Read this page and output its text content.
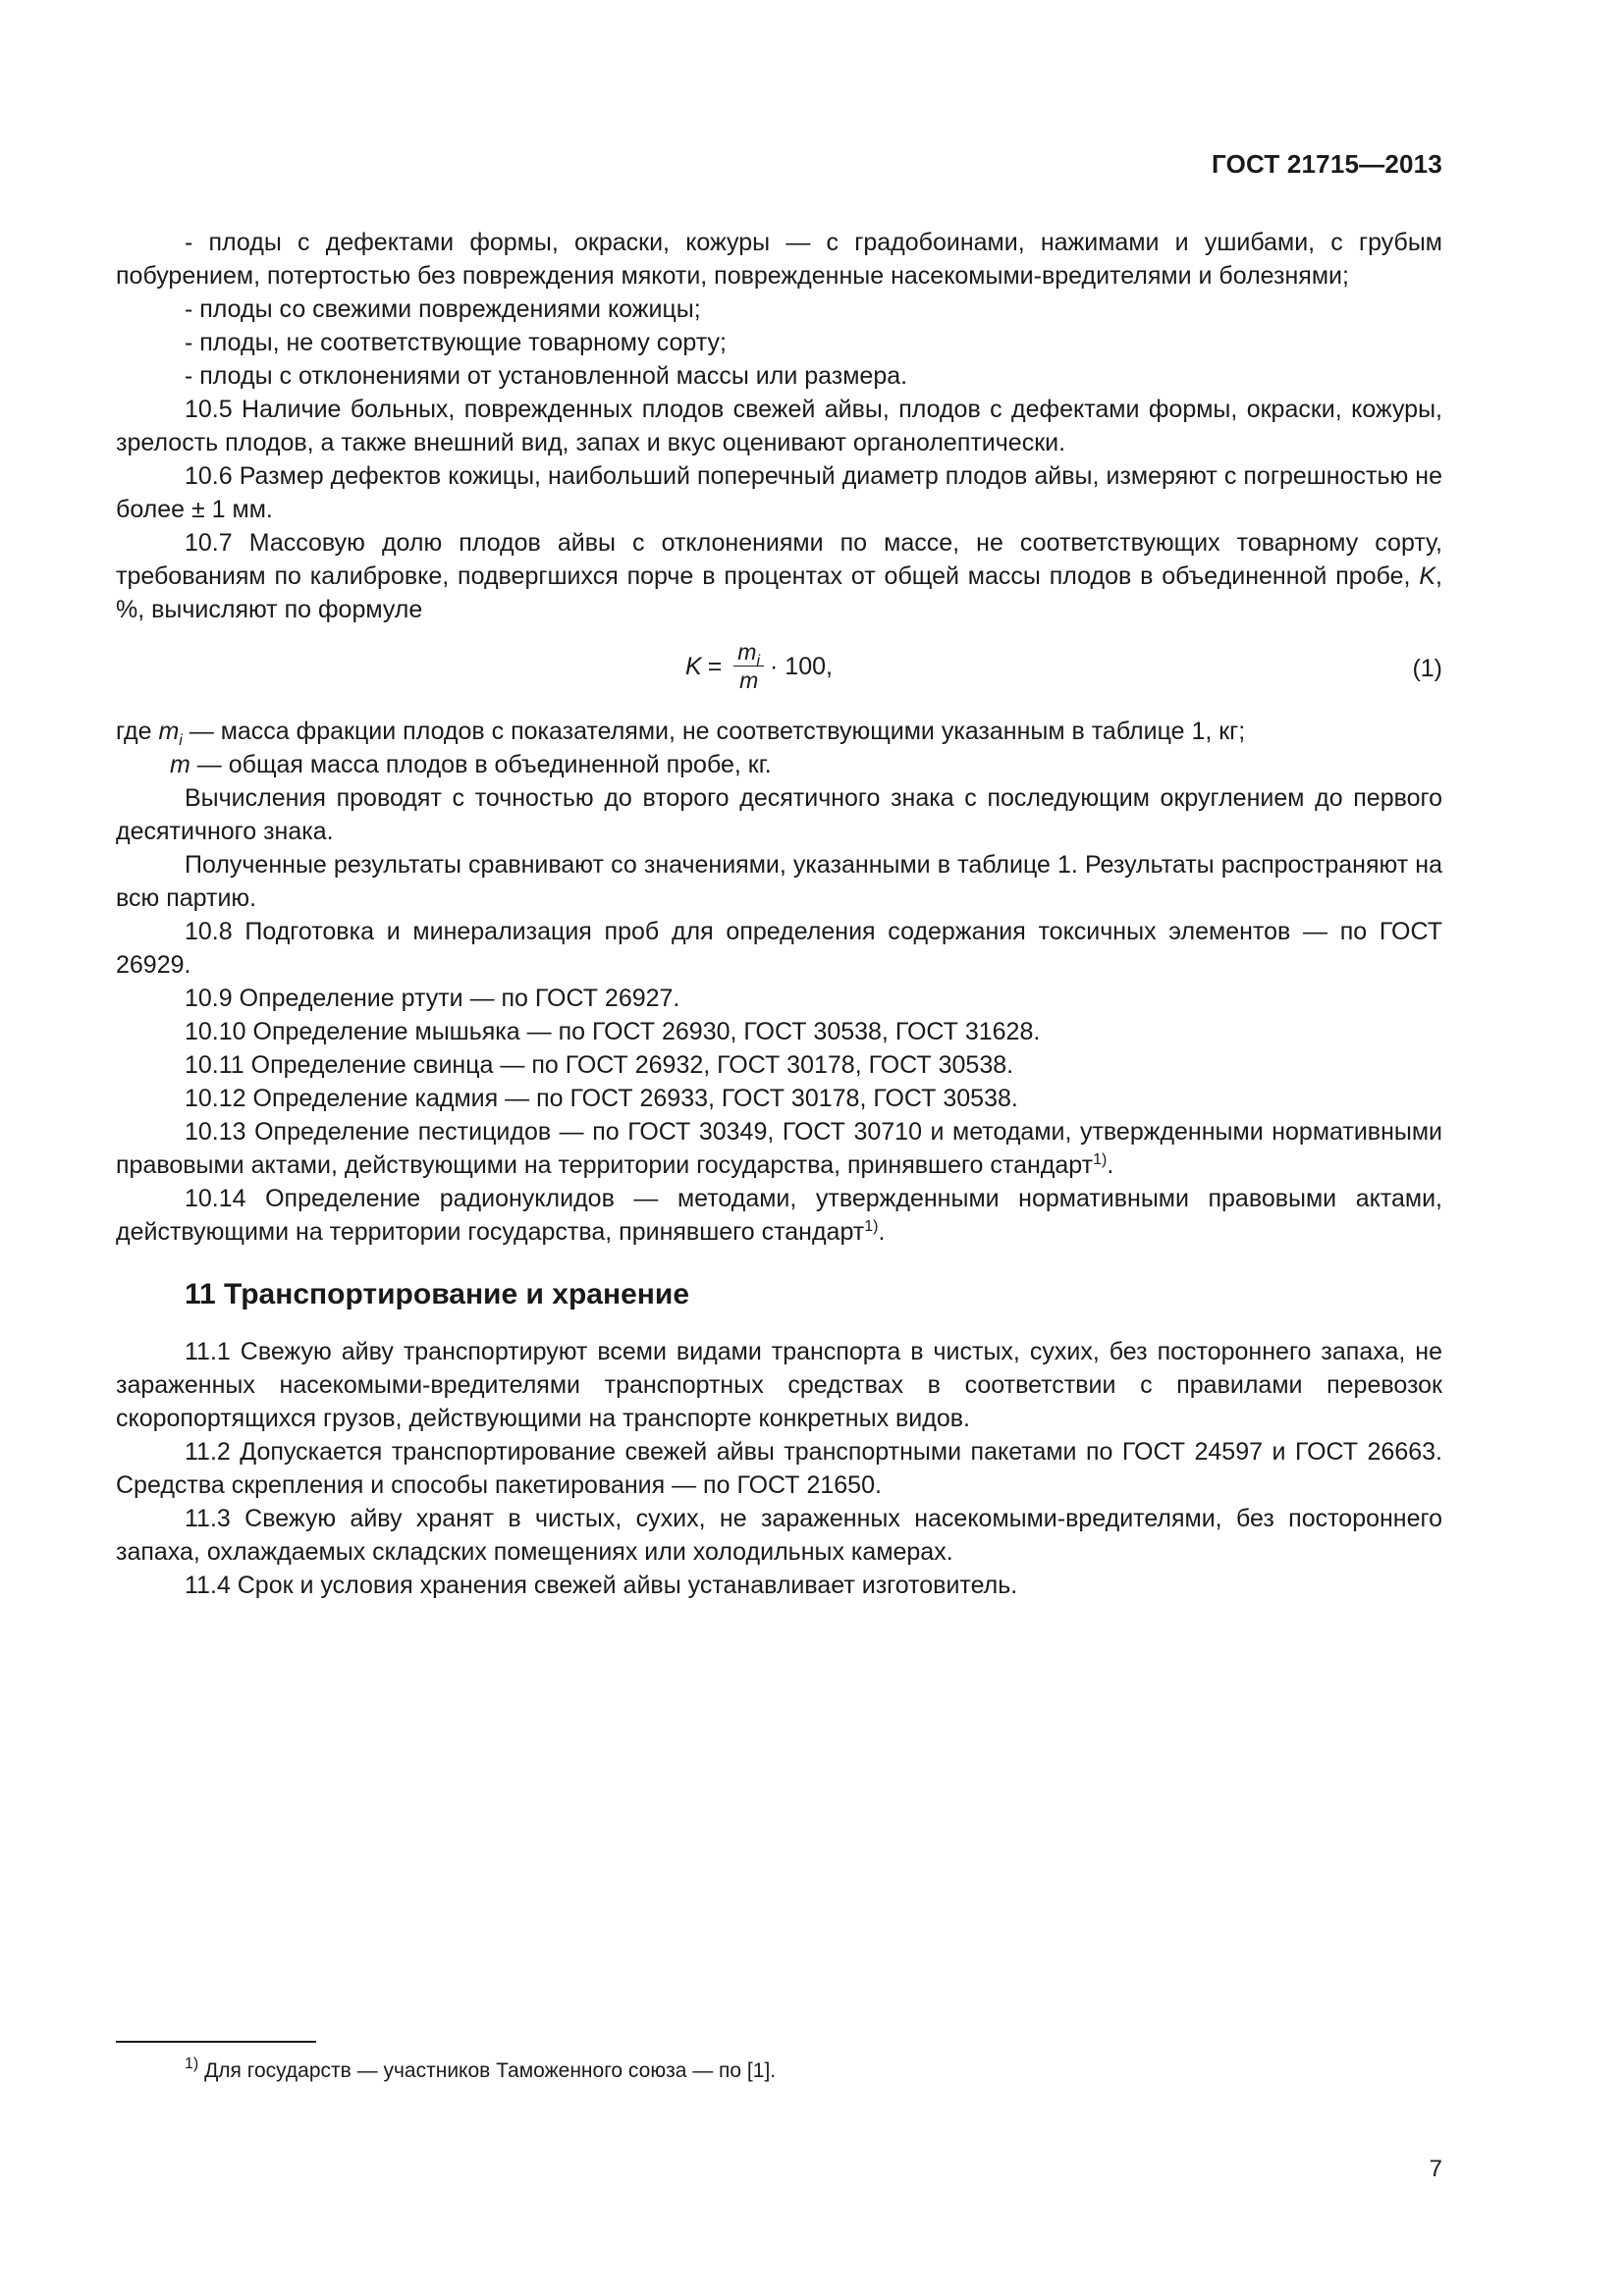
ГОСТ 21715—2013

- плоды с дефектами формы, окраски, кожуры — с градобоинами, нажимами и ушибами, с грубым побурением, потертостью без повреждения мякоти, поврежденные насекомыми-вредителями и болезнями;

- плоды со свежими повреждениями кожицы;

- плоды, не соответствующие товарному сорту;

- плоды с отклонениями от установленной массы или размера.

10.5 Наличие больных, поврежденных плодов свежей айвы, плодов с дефектами формы, окраски, кожуры, зрелость плодов, а также внешний вид, запах и вкус оценивают органолептически.

10.6 Размер дефектов кожицы, наибольший поперечный диаметр плодов айвы, измеряют с погрешностью не более ± 1 мм.

10.7 Массовую долю плодов айвы с отклонениями по массе, не соответствующих товарному сорту, требованиям по калибровке, подвергшихся порче в процентах от общей массы плодов в объединенной пробе, K, %, вычисляют по формуле

$K = \frac{m_i}{m} \cdot 100$,	(1)

где $m_i$ — масса фракции плодов с показателями, не соответствующими указанным в таблице 1, кг;

m — общая масса плодов в объединенной пробе, кг.

Вычисления проводят с точностью до второго десятичного знака с последующим округлением до первого десятичного знака.

Полученные результаты сравнивают со значениями, указанными в таблице 1. Результаты распространяют на всю партию.

10.8 Подготовка и минерализация проб для определения содержания токсичных элементов — по ГОСТ 26929.

10.9 Определение ртути — по ГОСТ 26927.

10.10 Определение мышьяка — по ГОСТ 26930, ГОСТ 30538, ГОСТ 31628.

10.11 Определение свинца — по ГОСТ 26932, ГОСТ 30178, ГОСТ 30538.

10.12 Определение кадмия — по ГОСТ 26933, ГОСТ 30178, ГОСТ 30538.

10.13 Определение пестицидов — по ГОСТ 30349, ГОСТ 30710 и методами, утвержденными нормативными правовыми актами, действующими на территории государства, принявшего стандарт$^{1)}$.

10.14 Определение радионуклидов — методами, утвержденными нормативными правовыми актами, действующими на территории государства, принявшего стандарт$^{1)}$.

11 Транспортирование и хранение

11.1 Свежую айву транспортируют всеми видами транспорта в чистых, сухих, без постороннего запаха, не зараженных насекомыми-вредителями транспортных средствах в соответствии с правилами перевозок скоропортящихся грузов, действующими на транспорте конкретных видов.

11.2 Допускается транспортирование свежей айвы транспортными пакетами по ГОСТ 24597 и ГОСТ 26663. Средства скрепления и способы пакетирования — по ГОСТ 21650.

11.3 Свежую айву хранят в чистых, сухих, не зараженных насекомыми-вредителями, без постороннего запаха, охлаждаемых складских помещениях или холодильных камерах.

11.4 Срок и условия хранения свежей айвы устанавливает изготовитель.

$^{1)}$ Для государств — участников Таможенного союза — по [1].
7
